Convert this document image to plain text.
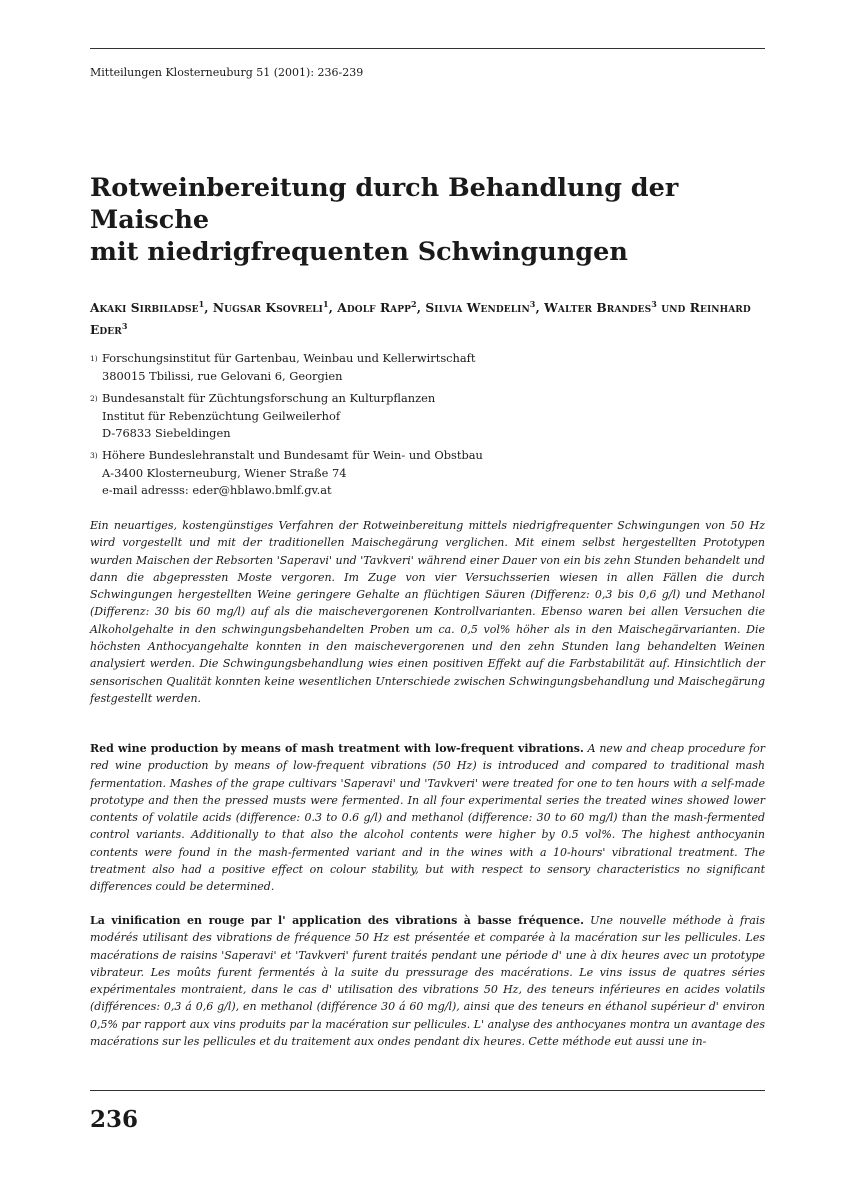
Mitteilungen Klosterneuburg 51 (2001): 236-239
Rotweinbereitung durch Behandlung der Maische
mit niedrigfrequenten Schwingungen
Akaki Sirbiladse$^1$, Nugsar Ksovreli$^1$, Adolf Rapp$^2$, Silvia Wendelin$^3$, Walter Brandes$^3$ und Reinhard Eder$^3$
$^{1)}$ Forschungsinstitut für Gartenbau, Weinbau und Kellerwirtschaft
380015 Tbilissi, rue Gelovani 6, Georgien
$^{2)}$ Bundesanstalt für Züchtungsforschung an Kulturpflanzen
Institut für Rebenzüchtung Geilweilerhof
D-76833 Siebeldingen
$^{3)}$ Höhere Bundeslehranstalt und Bundesamt für Wein- und Obstbau
A-3400 Klosterneuburg, Wiener Straße 74
e-mail adresss: eder@hblawo.bmlf.gv.at
Ein neuartiges, kostengünstiges Verfahren der Rotweinbereitung mittels niedrigfrequenter Schwingungen von 50 Hz wird vorgestellt und mit der traditionellen Maischegärung verglichen. Mit einem selbst hergestellten Prototypen wurden Maischen der Rebsorten 'Saperavi' und 'Tavkveri' während einer Dauer von ein bis zehn Stunden behandelt und dann die abgepressten Moste vergoren. Im Zuge von vier Versuchsserien wiesen in allen Fällen die durch Schwingungen hergestellten Weine geringere Gehalte an flüchtigen Säuren (Differenz: 0,3 bis 0,6 g/l) und Methanol (Differenz: 30 bis 60 mg/l) auf als die maischevergorenen Kontrollvarianten. Ebenso waren bei allen Versuchen die Alkoholgehalte in den schwingungsbehandelten Proben um ca. 0,5 vol% höher als in den Maischegärvarianten. Die höchsten Anthocyangehalte konnten in den maischevergorenen und den zehn Stunden lang behandelten Weinen analysiert werden. Die Schwingungsbehandlung wies einen positiven Effekt auf die Farbstabilität auf. Hinsichtlich der sensorischen Qualität konnten keine wesentlichen Unterschiede zwischen Schwingungsbehandlung und Maischegärung festgestellt werden.
Red wine production by means of mash treatment with low-frequent vibrations. A new and cheap procedure for red wine production by means of low-frequent vibrations (50 Hz) is introduced and compared to traditional mash fermentation. Mashes of the grape cultivars 'Saperavi' und 'Tavkveri' were treated for one to ten hours with a self-made prototype and then the pressed musts were fermented. In all four experimental series the treated wines showed lower contents of volatile acids (difference: 0.3 to 0.6 g/l) and methanol (difference: 30 to 60 mg/l) than the mash-fermented control variants. Additionally to that also the alcohol contents were higher by 0.5 vol%. The highest anthocyanin contents were found in the mash-fermented variant and in the wines with a 10-hours' vibrational treatment. The treatment also had a positive effect on colour stability, but with respect to sensory characteristics no significant differences could be determined.
La vinification en rouge par l' application des vibrations à basse fréquence. Une nouvelle méthode à frais modérés utilisant des vibrations de fréquence 50 Hz est présentée et comparée à la macération sur les pellicules. Les macérations de raisins 'Saperavi' et 'Tavkveri' furent traités pendant une période d' une à dix heures avec un prototype vibrateur. Les moûts furent fermentés à la suite du pressurage des macérations. Le vins issus de quatres séries expérimentales montraient, dans le cas d' utilisation des vibrations 50 Hz, des teneurs inférieures en acides volatils (différences: 0,3 á 0,6 g/l), en methanol (différence 30 á 60 mg/l), ainsi que des teneurs en éthanol supérieur d' environ 0,5% par rapport aux vins produits par la macération sur pellicules. L' analyse des anthocyanes montra un avantage des macérations sur les pellicules et du traitement aux ondes pendant dix heures. Cette méthode eut aussi une in-
236
